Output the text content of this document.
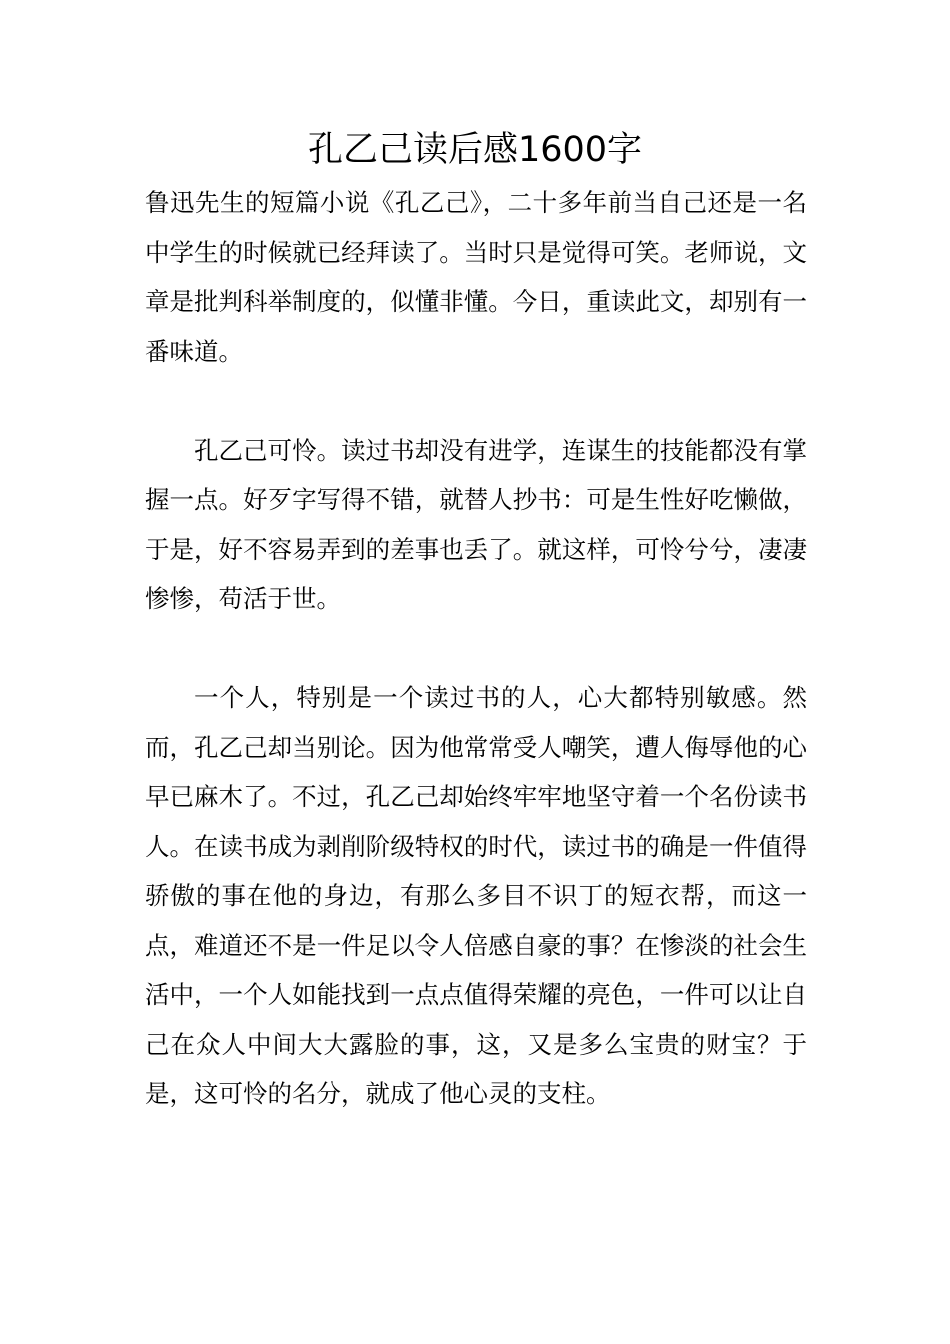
孔乙己读后感1600字

鲁迅先生的短篇小说《孔乙己》，二十多年前当自己还是一名中学生的时候就已经拜读了。当时只是觉得可笑。老师说，文章是批判科举制度的，似懂非懂。今日，重读此文，却别有一番味道。

孔乙己可怜。读过书却没有进学，连谋生的技能都没有掌握一点。好歹字写得不错，就替人抄书：可是生性好吃懒做，于是，好不容易弄到的差事也丢了。就这样，可怜兮兮，凄凄惨惨，苟活于世。

一个人，特别是一个读过书的人，心大都特别敏感。然而，孔乙己却当别论。因为他常常受人嘲笑，遭人侮辱他的心早已麻木了。不过，孔乙己却始终牢牢地坚守着一个名份读书人。在读书成为剥削阶级特权的时代，读过书的确是一件值得骄傲的事在他的身边，有那么多目不识丁的短衣帮，而这一点，难道还不是一件足以令人倍感自豪的事？在惨淡的社会生活中，一个人如能找到一点点值得荣耀的亮色，一件可以让自己在众人中间大大露脸的事，这，又是多么宝贵的财宝？于是，这可怜的名分，就成了他心灵的支柱。
